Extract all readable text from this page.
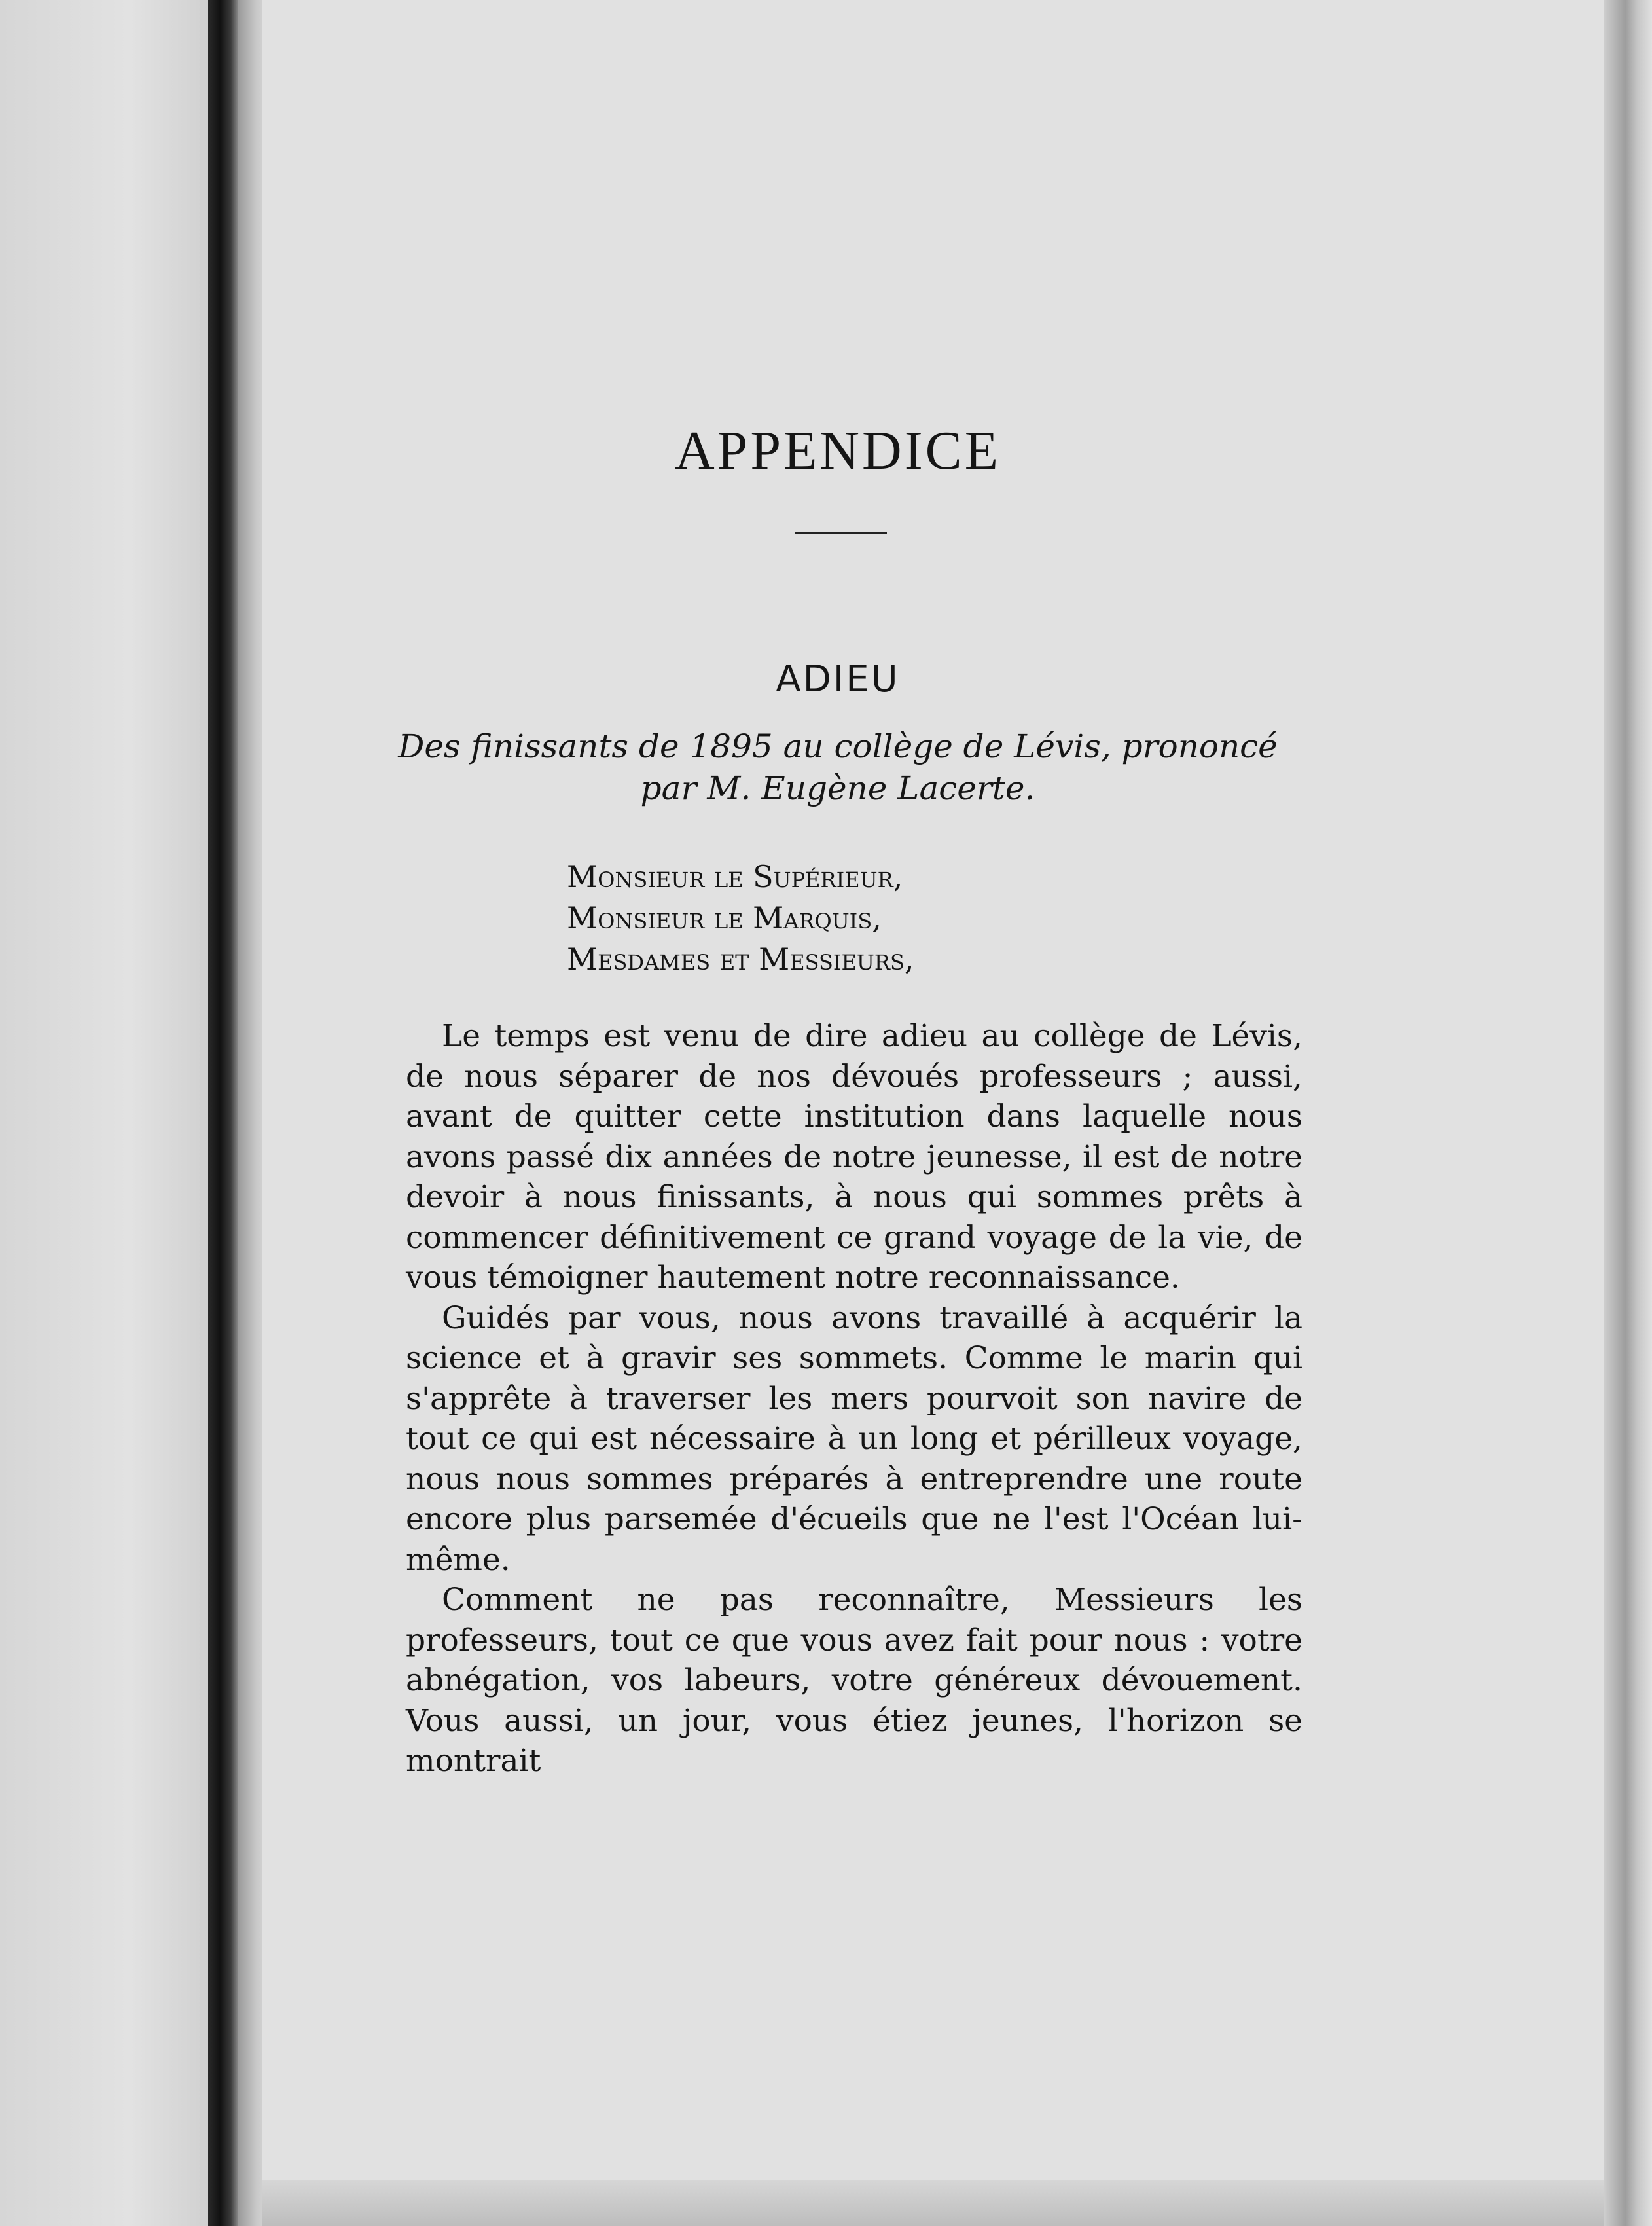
APPENDICE
ADIEU
Des finissants de 1895 au collège de Lévis, prononcé
par M. Eugène Lacerte.
Monsieur le Supérieur,
Monsieur le Marquis,
Mesdames et Messieurs,

Le temps est venu de dire adieu au collège de Lévis, de nous séparer de nos dévoués professeurs ; aussi, avant de quitter cette institution dans laquelle nous avons passé dix années de notre jeunesse, il est de notre devoir à nous finissants, à nous qui sommes prêts à commencer définitivement ce grand voyage de la vie, de vous témoigner hautement notre reconnaissance.

Guidés par vous, nous avons travaillé à acquérir la science et à gravir ses sommets. Comme le marin qui s'apprête à traverser les mers pourvoit son navire de tout ce qui est nécessaire à un long et périlleux voyage, nous nous sommes préparés à entreprendre une route encore plus parsemée d'écueils que ne l'est l'Océan lui-même.

Comment ne pas reconnaître, Messieurs les professeurs, tout ce que vous avez fait pour nous : votre abnégation, vos labeurs, votre généreux dévouement. Vous aussi, un jour, vous étiez jeunes, l'horizon se montrait
